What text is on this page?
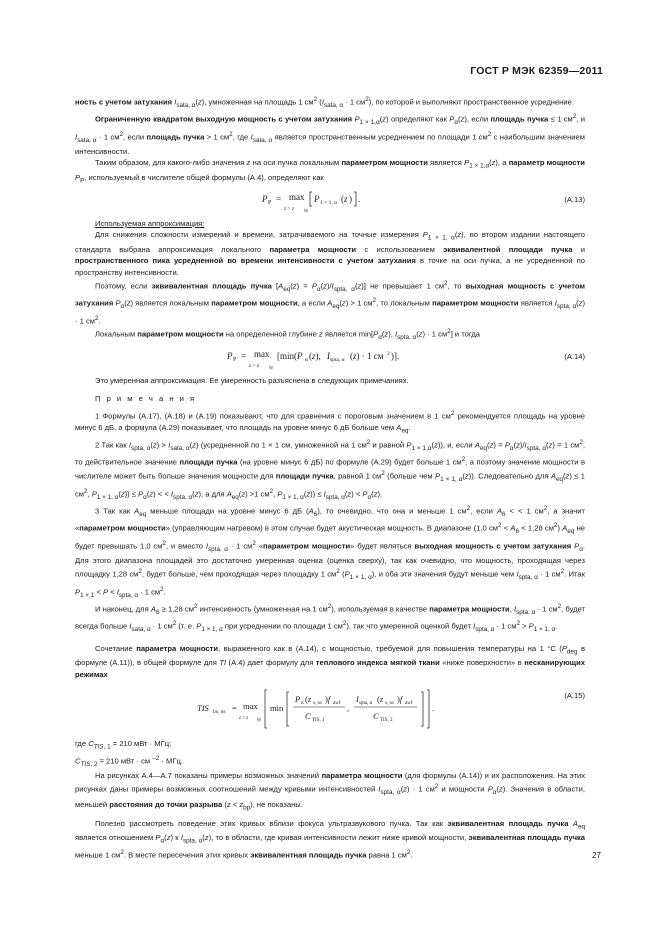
ГОСТ Р МЭК 62359—2011

ность с учетом затухания $I_{sata, \alpha}(z)$, умноженная на площадь 1 $см^2$ ($I_{sata, \alpha} \cdot 1$ $см^2$), по которой и выполняют пространственное усреднение.

Ограниченную квадратом выходную мощность с учетом затухания $P_{1 \times 1,\alpha}(z)$ определяют как $P_\alpha(z)$, если площадь пучка ≤ 1 $см^2$, и $I_{sata, \alpha} \cdot 1$ $см^2$, если площадь пучка > 1 $см^2$, где $I_{sata, \alpha}$ является пространственным усреднением по площади 1 $см^2$ с наибольшим значением интенсивности.

Таким образом, для какого-либо значения z на оси пучка локальным параметром мощности является $P_{1 \times 1,\alpha}(z)$, а параметр мощности $P_P$, используемый в числителе общей формулы (А.4), определяют как

P P = max
z > z bp
P 1 × 1, α ( z ) .	(А.13)

Используемая аппроксимация:

Для снижения сложности измерений и времени, затрачиваемого на точные измерения $P_{1 \times 1, \alpha}(z)$, во втором издании настоящего стандарта выбрана аппроксимация локального параметра мощности с использованием эквивалентной площади пучка и пространственного пика усредненной во времени интенсивности с учетом затухания в точке на оси пучка, а не усредненной по пространству интенсивности.

Поэтому, если эквивалентная площадь пучка $[A_{eq}(z) = P_\alpha(z)/I_{spta, \alpha}(z)]$ не превышает 1 $см^2$, то выходная мощность с учетом затухания $P_\alpha(z)$ является локальным параметром мощности, а если $A_{eq}(z) > 1$ $см^2$, то локальным параметром мощности является $I_{spta, \alpha}(z) \cdot 1$ $см^2$.

Локальным параметром мощности на определенной глубине z является $\min[P_\alpha(z)$, $I_{spta, \alpha}(z) \cdot 1$ $см^2$] и тогда

P P = max
z > z bp
[min(P α (z), I spta, α (z) · 1 см 2 )].	(А.14)

Это умеренная аппроксимация. Ее умеренность разъяснена в следующих примечаниях.

П р и м е ч а н и я

1 Формулы (А.17), (А.18) и (А.19) показывают, что для сравнения с пороговым значением в 1 $см^2$ рекомендуется площадь на уровне минус 6 дБ, а формула (А.29) показывает, что площадь на уровне минус 6 дБ больше чем $A_{eq}$.

2 Так как $I_{spta, \alpha}(z) > I_{sata, \alpha}(z)$ (усредненной по 1 × 1 см, умноженной на 1 $см^2$ и равной $P_{1 \times 1,\alpha}(z)$), и, если $A_{eq}(z) = P_\alpha(z)/I_{spta, \alpha}(z) = 1$ $см^2$, то действительное значение площади пучка (на уровне минус 6 дБ) по формуле (А.29) будет больше 1 $см^2$, а поэтому значение мощности в числителе может быть больше значения мощности для площади пучка, равной 1 $см^2$ (больше чем $P_{1 \times 1, \alpha}(z)$). Следовательно для $A_{eq}(z) \le 1$ $см^2$, $P_{1 \times 1, \alpha}(z)) \le P_\alpha(z)$ < < $I_{spta, \alpha}(z)$, а для $A_{eq}(z) >1$ $см^2$, $P_{1 \times 1, \alpha}(z)) \le I_{spta, \alpha}(z) < P_\alpha(z)$.

3 Так как $A_{eq}$ меньше площади на уровне минус 6 дБ $(A_6)$, то очевидно, что она и меньше 1 $см^2$, если $A_6$ < < 1 $см^2$, а значит «параметром мощности» (управляющим нагревом) в этом случае будет акустическая мощность. В диапазоне (1,0 $см^2 < A_6 < 1,28$ $см^2$) $A_{eq}$ не будет превышать 1,0 $см^2$, и вместо $I_{spta, \alpha} \cdot 1$ $см^2$ «параметром мощности» будет являться выходная мощность с учетом затухания $P_\alpha$. Для этого диапазона площадей это достаточно умеренная оценка (оценка сверху), так как очевидно, что мощность, проходящая через площадку 1,28 $см^2$, будет больше, чем проходящая через площадку 1 $см^2$ $(P_{1 \times 1, \alpha})$, и оба эти значения будут меньше чем $I_{spta, \alpha} \cdot 1$ $см^2$. Итак $P_{1 \times 1} < P < I_{spta, \alpha} \cdot 1$ $см^2$.

И наконец, для $A_6 \ge 1,28$ $см^2$ интенсивность (умноженная на 1 $см^2$), используемая в качестве параметра мощности, $I_{spta, \alpha} \cdot 1$ $см^2$, будет всегда больше $I_{sata, \alpha} \cdot 1$ $см^2$ (т. е. $P_{1 \times 1, \alpha}$ при усреднении по площади 1 $см^2$), так что умеренной оценкой будет $I_{spta, \alpha} \cdot 1$ $см^2 > P_{1 \times 1, \alpha}$.

Сочетание параметра мощности, выраженного как в (А.14), с мощностью, требуемой для повышения температуры на 1 °С ($P_{deg}$ в формуле (А.11)), в общей формуле для TI (А.4) дает формулу для теплового индекса мягкой ткани «ниже поверхности» в несканирующих режимах

TIS bs, ns = max
z > z bp
min
P α (z s, ns )f awf
C TIS, 1
,
I spta, α (z s, ns )f awf
C TIS, 2
.
(А.15)

где $C_{TIS, 1} = 210$ мВт · МГц;

$C_{TIS, 2} = 210$ мВт · см $^{-2}$ · МГц.

На рисунках А.4—А.7 показаны примеры возможных значений параметра мощности (для формулы (А.14)) и их расположения. На этих рисунках даны примеры возможных соотношений между кривыми интенсивностей $I_{spta, \alpha}(z) \cdot 1$ $см^2$ и мощности $P_\alpha(z)$. Значения в области, меньшей расстояния до точки разрыва $(z < z_{bp})$, не показаны.

Полезно рассмотреть поведение этих кривых вблизи фокуса ультразвукового пучка. Так как эквивалентная площадь пучка $A_{eq}$ является отношением $P_\alpha(z)$ к $I_{spta, \alpha}(z)$, то в области, где кривая интенсивности лежит ниже кривой мощности, эквивалентная площадь пучка меньше 1 $см^2$. В месте пересечения этих кривых эквивалентная площадь пучка равна 1 $см^2$.	27
